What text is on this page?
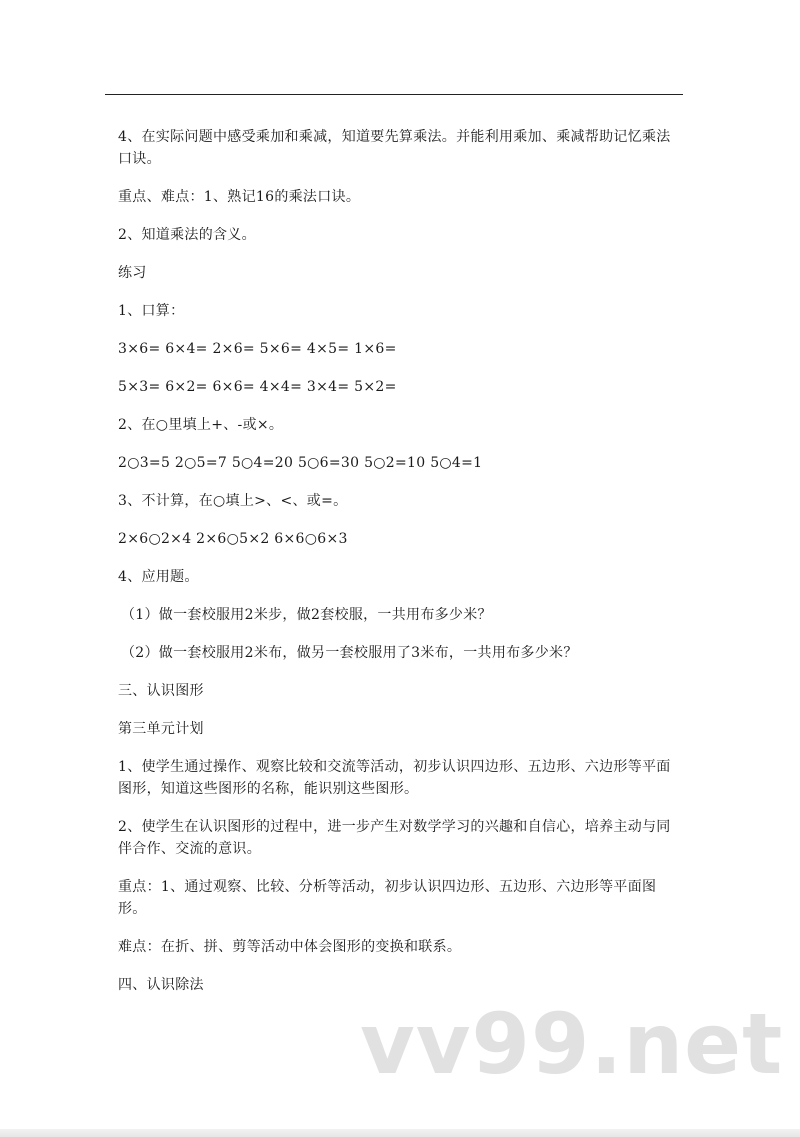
4、在实际问题中感受乘加和乘减，知道要先算乘法。并能利用乘加、乘减帮助记忆乘法口诀。

重点、难点：1、熟记16的乘法口诀。

2、知道乘法的含义。

练习

1、口算：

3×6= 6×4= 2×6= 5×6= 4×5= 1×6=

5×3= 6×2= 6×6= 4×4= 3×4= 5×2=

2、在○里填上+、-或×。

2○3=5 2○5=7 5○4=20 5○6=30 5○2=10 5○4=1

3、不计算，在○填上>、<、或=。

2×6○2×4 2×6○5×2 6×6○6×3

4、应用题。

（1）做一套校服用2米步，做2套校服，一共用布多少米？

（2）做一套校服用2米布，做另一套校服用了3米布，一共用布多少米？

三、认识图形

第三单元计划

1、使学生通过操作、观察比较和交流等活动，初步认识四边形、五边形、六边形等平面图形，知道这些图形的名称，能识别这些图形。

2、使学生在认识图形的过程中，进一步产生对数学学习的兴趣和自信心，培养主动与同伴合作、交流的意识。

重点：1、通过观察、比较、分析等活动，初步认识四边形、五边形、六边形等平面图形。

难点：在折、拼、剪等活动中体会图形的变换和联系。

四、认识除法

vv99.net
